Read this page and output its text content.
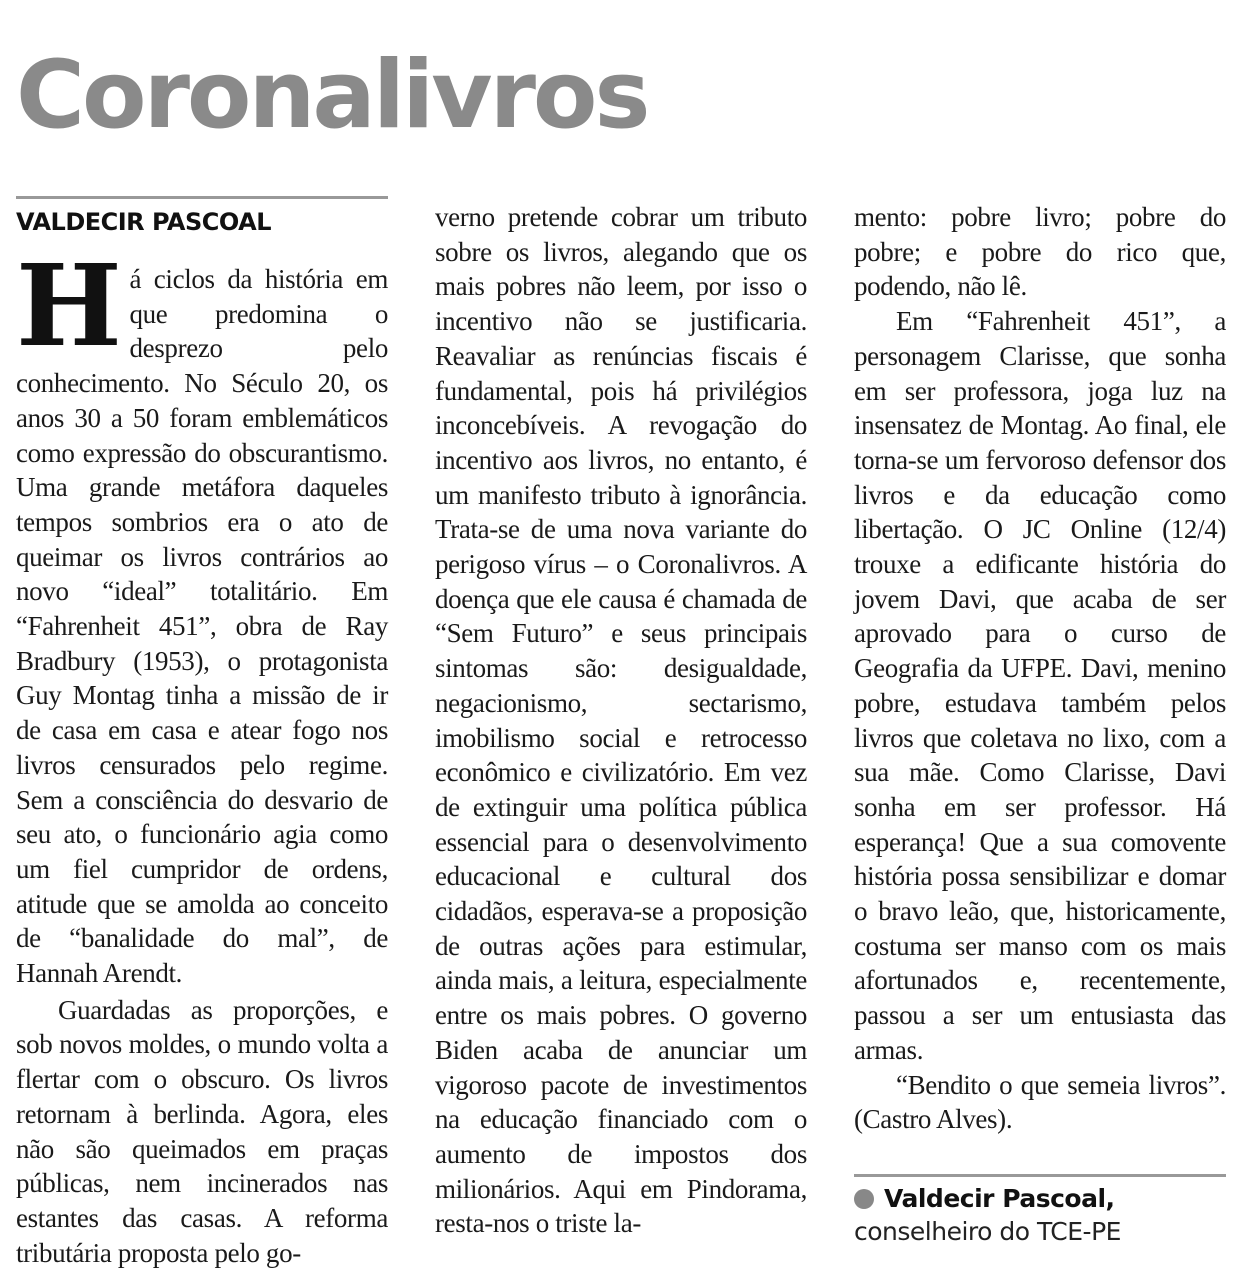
Coronalivros
VALDECIR PASCOAL

Há ciclos da história em que predomina o desprezo pelo conhecimento. No Século 20, os anos 30 a 50 foram emblemáticos como expressão do obscurantismo. Uma grande metáfora daqueles tempos sombrios era o ato de queimar os livros contrários ao novo “ideal” totalitário. Em “Fahrenheit 451”, obra de Ray Bradbury (1953), o protagonista Guy Montag tinha a missão de ir de casa em casa e atear fogo nos livros censurados pelo regime. Sem a consciência do desvario de seu ato, o funcionário agia como um fiel cumpridor de ordens, atitude que se amolda ao conceito de “banalidade do mal”, de Hannah Arendt.

Guardadas as proporções, e sob novos moldes, o mundo volta a flertar com o obscuro. Os livros retornam à berlinda. Agora, eles não são queimados em praças públicas, nem incinerados nas estantes das casas. A reforma tributária proposta pelo go-

verno pretende cobrar um tributo sobre os livros, alegando que os mais pobres não leem, por isso o incentivo não se justificaria. Reavaliar as renúncias fiscais é fundamental, pois há privilégios inconcebíveis. A revogação do incentivo aos livros, no entanto, é um manifesto tributo à ignorância. Trata-se de uma nova variante do perigoso vírus – o Coronalivros. A doença que ele causa é chamada de “Sem Futuro” e seus principais sintomas são: desigualdade, negacionismo, sectarismo, imobilismo social e retrocesso econômico e civilizatório. Em vez de extinguir uma política pública essencial para o desenvolvimento educacional e cultural dos cidadãos, esperava-se a proposição de outras ações para estimular, ainda mais, a leitura, especialmente entre os mais pobres. O governo Biden acaba de anunciar um vigoroso pacote de investimentos na educação financiado com o aumento de impostos dos milionários. Aqui em Pindorama, resta-nos o triste la-

mento: pobre livro; pobre do pobre; e pobre do rico que, podendo, não lê.

Em “Fahrenheit 451”, a personagem Clarisse, que sonha em ser professora, joga luz na insensatez de Montag. Ao final, ele torna-se um fervoroso defensor dos livros e da educação como libertação. O JC Online (12/4) trouxe a edificante história do jovem Davi, que acaba de ser aprovado para o curso de Geografia da UFPE. Davi, menino pobre, estudava também pelos livros que coletava no lixo, com a sua mãe. Como Clarisse, Davi sonha em ser professor. Há esperança! Que a sua comovente história possa sensibilizar e domar o bravo leão, que, historicamente, costuma ser manso com os mais afortunados e, recentemente, passou a ser um entusiasta das armas.

“Bendito o que semeia livros”. (Castro Alves).

Valdecir Pascoal,
conselheiro do TCE-PE
